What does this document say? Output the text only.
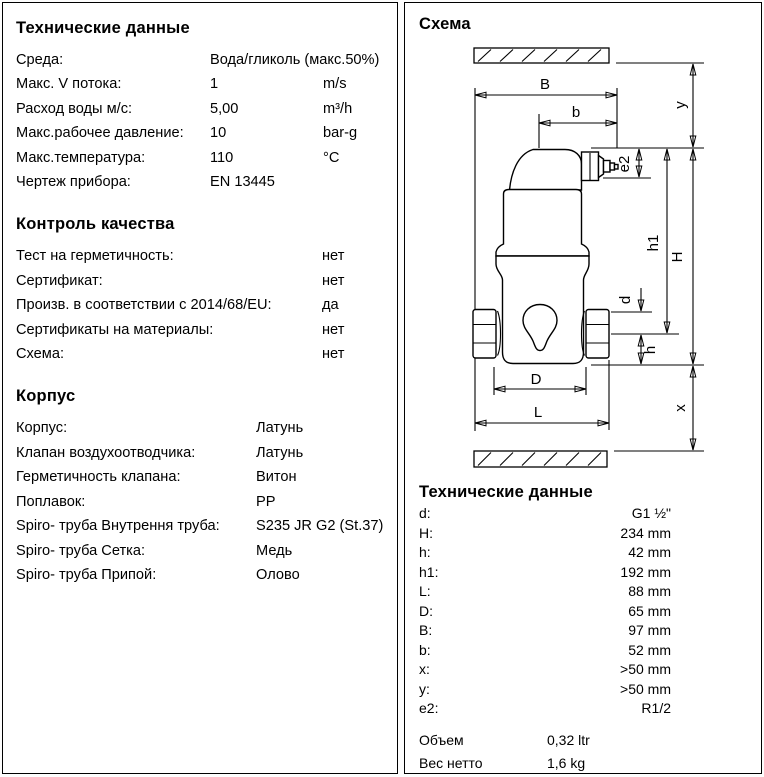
Технические данные
Среда:	Вода/гликоль (макс.50%)
Макс. V потока:	1	m/s
Расход воды м/с:	5,00	m³/h
Макс.рабочее давление:	10	bar-g
Макс.температура:	110	°C
Чертеж прибора:	EN 13445
Контроль качества
Тест на герметичность:	нет
Сертификат:	нет
Произв. в соответствии с 2014/68/EU:	да
Сертификаты на материалы:	нет
Схема:	нет
Корпус
Корпус:	Латунь
Клапан воздухоотводчика:	Латунь
Герметичность клапана:	Витон
Поплавок:	PP
Spiro- труба Внутрення труба:	S235 JR G2 (St.37)
Spiro- труба Сетка:	Медь
Spiro- труба Припой:	Олово
Схема
B
b	y
e2
h1
H
d
h
D
L	x
Технические данные
d:	G1 ½"
H:	234 mm
h:	42 mm
h1:	192 mm
L:	88 mm
D:	65 mm
B:	97 mm
b:	52 mm
x:	>50 mm
y:	>50 mm
e2:	R1/2
Объем	0,32 ltr
Вес нетто	1,6 kg
